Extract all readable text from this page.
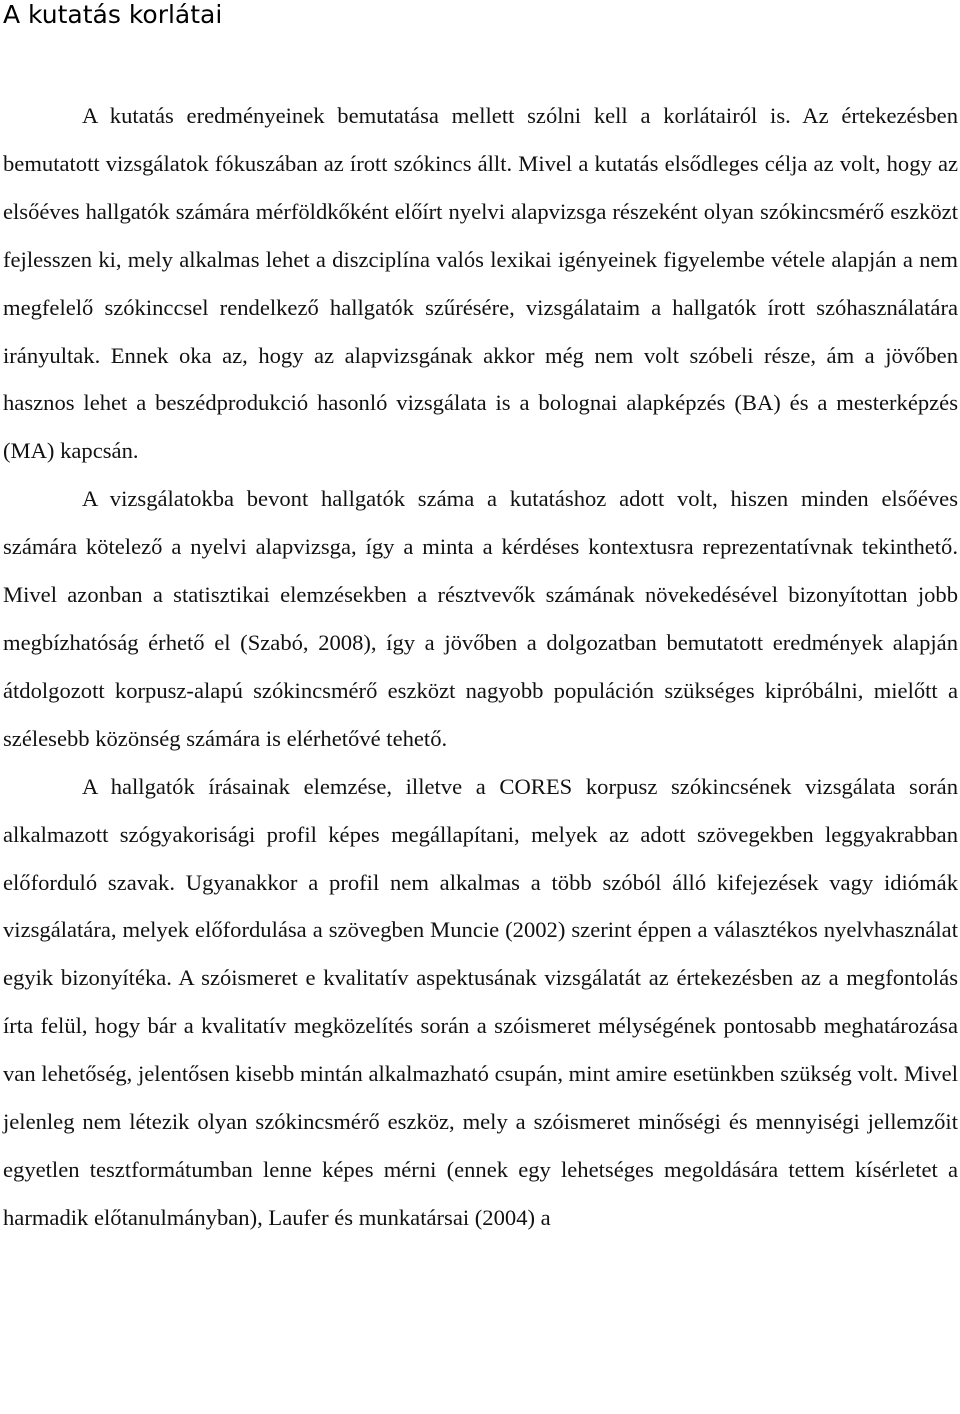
A kutatás korlátai

A kutatás eredményeinek bemutatása mellett szólni kell a korlátairól is. Az értekezésben bemutatott vizsgálatok fókuszában az írott szókincs állt. Mivel a kutatás elsődleges célja az volt, hogy az elsőéves hallgatók számára mérföldkőként előírt nyelvi alapvizsga részeként olyan szókincsmérő eszközt fejlesszen ki, mely alkalmas lehet a diszciplína valós lexikai igényeinek figyelembe vétele alapján a nem megfelelő szókinccsel rendelkező hallgatók szűrésére, vizsgálataim a hallgatók írott szóhasználatára irányultak. Ennek oka az, hogy az alapvizsgának akkor még nem volt szóbeli része, ám a jövőben hasznos lehet a beszédprodukció hasonló vizsgálata is a bolognai alapképzés (BA) és a mesterképzés (MA) kapcsán.

A vizsgálatokba bevont hallgatók száma a kutatáshoz adott volt, hiszen minden elsőéves számára kötelező a nyelvi alapvizsga, így a minta a kérdéses kontextusra reprezentatívnak tekinthető. Mivel azonban a statisztikai elemzésekben a résztvevők számának növekedésével bizonyítottan jobb megbízhatóság érhető el (Szabó, 2008), így a jövőben a dolgozatban bemutatott eredmények alapján átdolgozott korpusz-alapú szókincsmérő eszközt nagyobb populáción szükséges kipróbálni, mielőtt a szélesebb közönség számára is elérhetővé tehető.

A hallgatók írásainak elemzése, illetve a CORES korpusz szókincsének vizsgálata során alkalmazott szógyakorisági profil képes megállapítani, melyek az adott szövegekben leggyakrabban előforduló szavak. Ugyanakkor a profil nem alkalmas a több szóból álló kifejezések vagy idiómák vizsgálatára, melyek előfordulása a szövegben Muncie (2002) szerint éppen a választékos nyelvhasználat egyik bizonyítéka. A szóismeret e kvalitatív aspektusának vizsgálatát az értekezésben az a megfontolás írta felül, hogy bár a kvalitatív megközelítés során a szóismeret mélységének pontosabb meghatározása van lehetőség, jelentősen kisebb mintán alkalmazható csupán, mint amire esetünkben szükség volt. Mivel jelenleg nem létezik olyan szókincsmérő eszköz, mely a szóismeret minőségi és mennyiségi jellemzőit egyetlen tesztformátumban lenne képes mérni (ennek egy lehetséges megoldására tettem kísérletet a harmadik előtanulmányban), Laufer és munkatársai (2004) a
